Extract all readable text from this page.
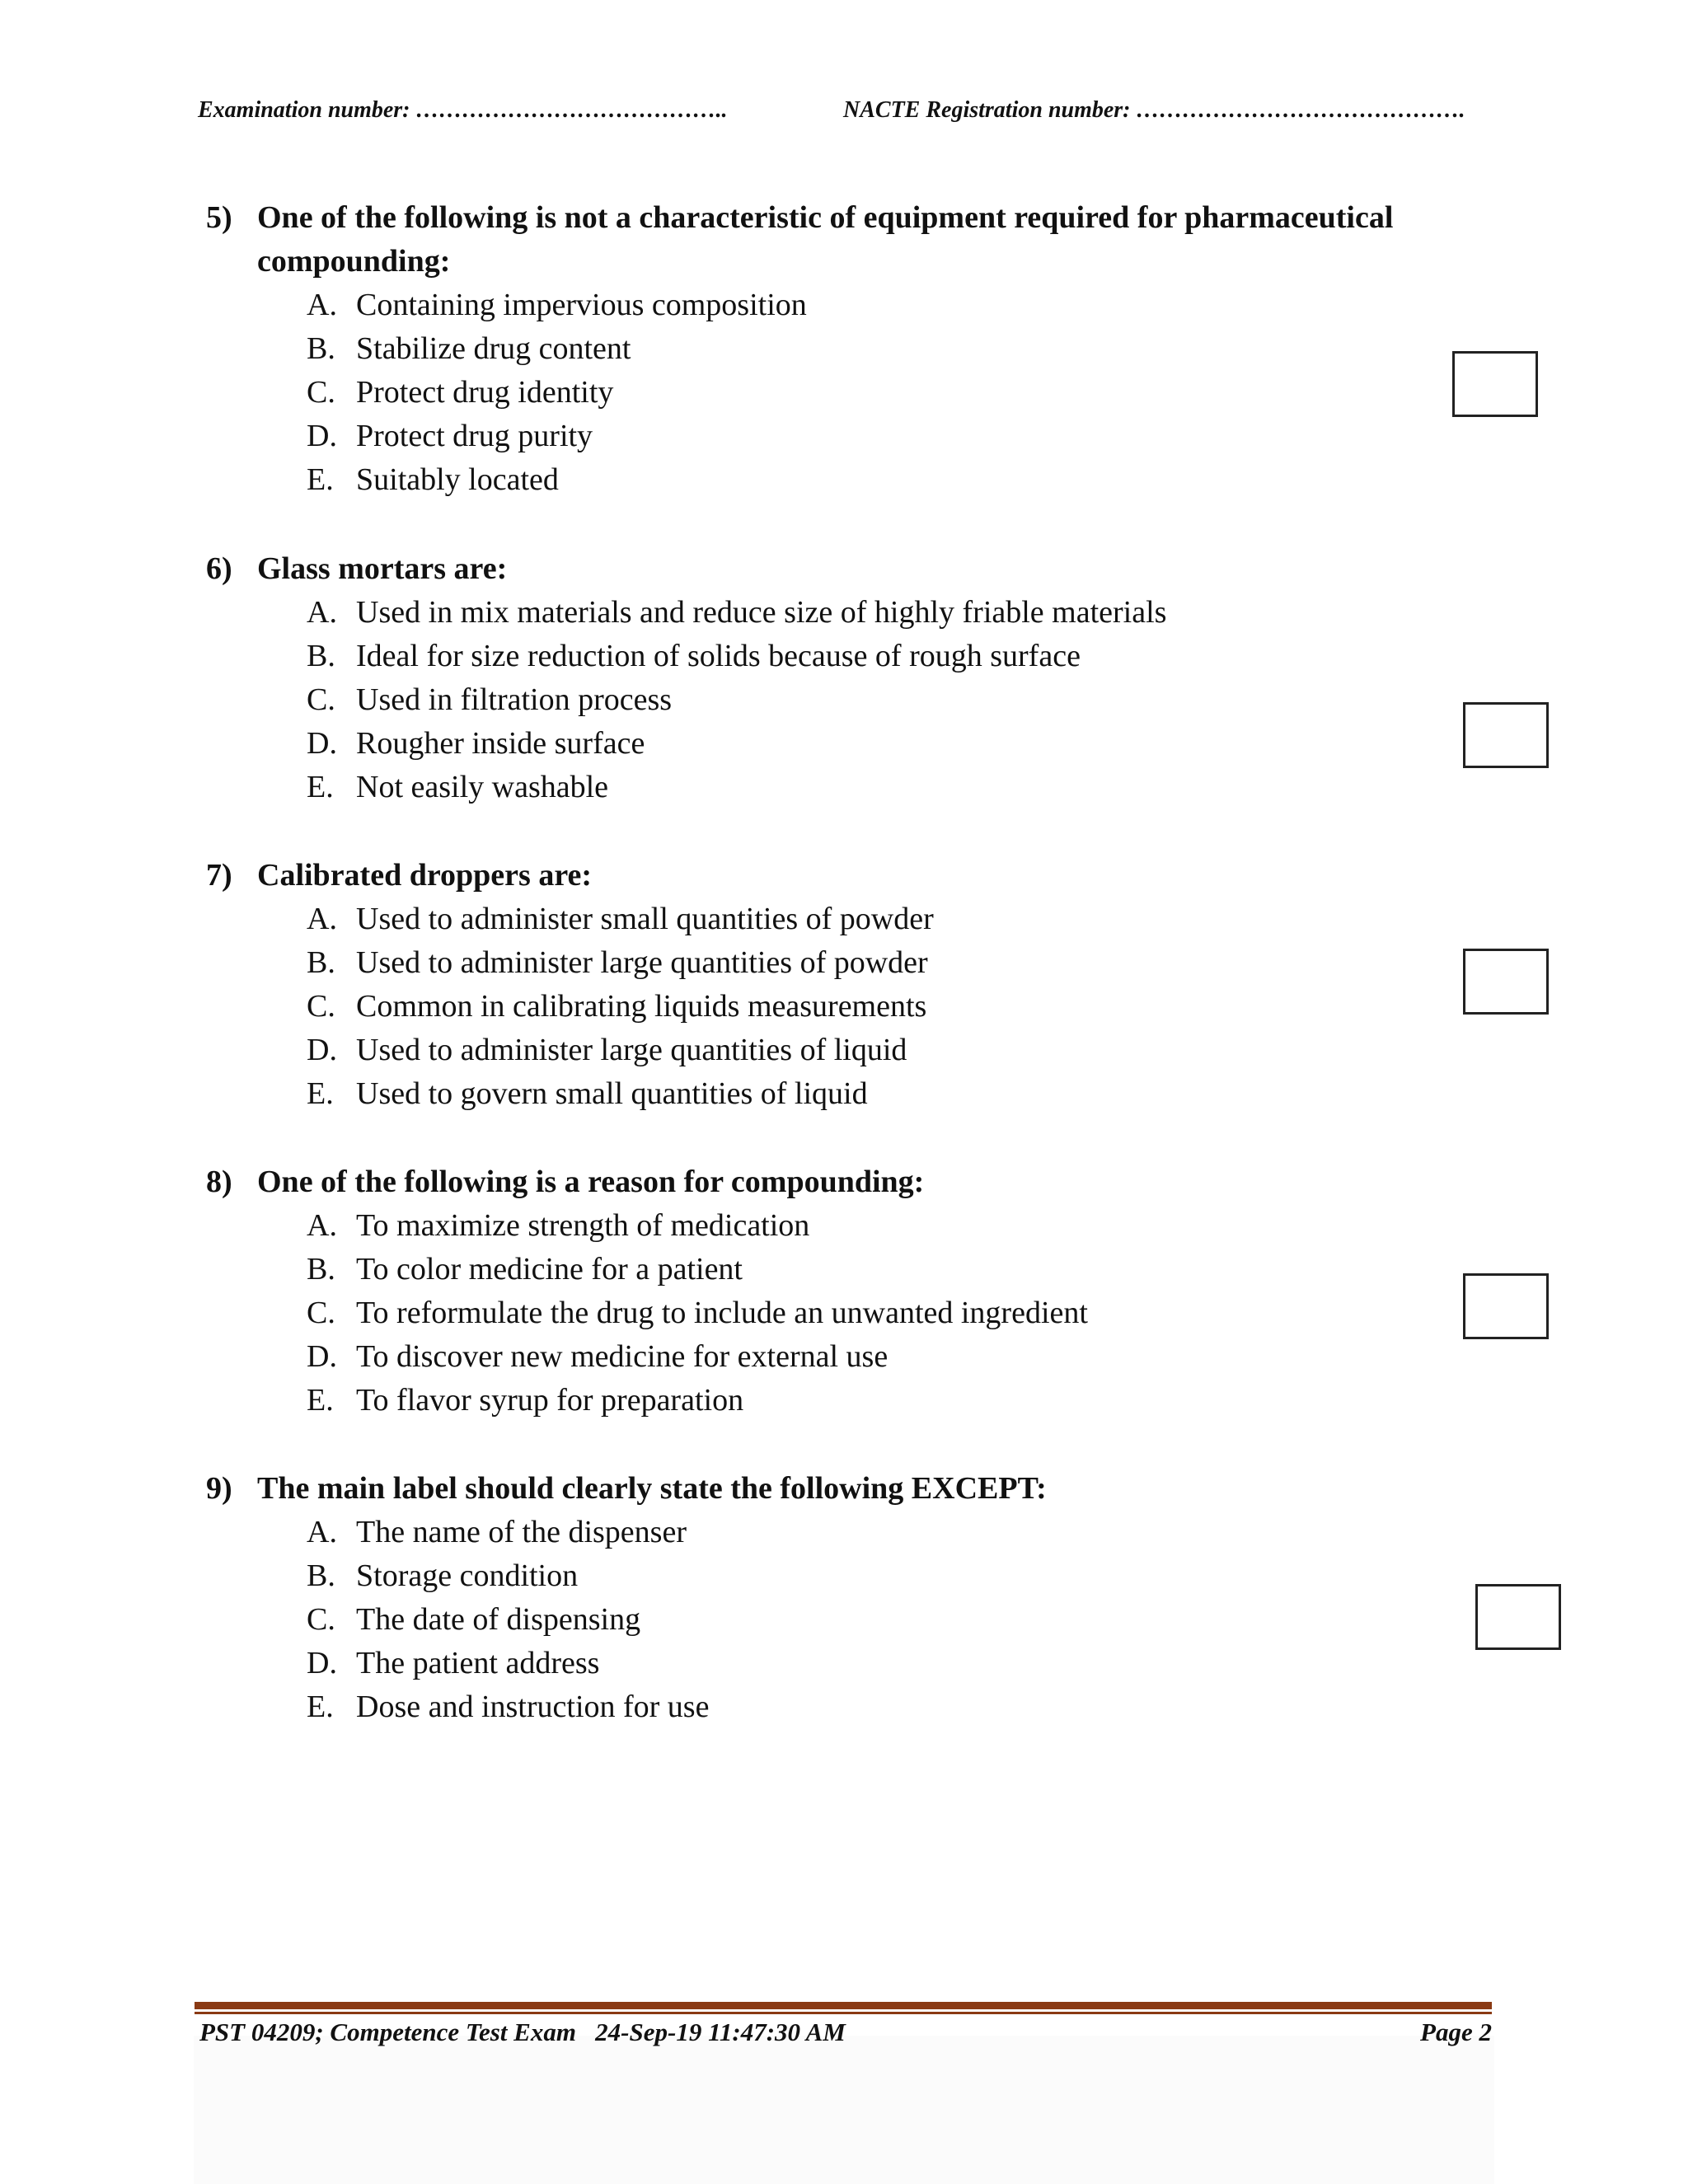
Examination number: …………………………………..	NACTE Registration number: …………………………………….
5) One of the following is not a characteristic of equipment required for pharmaceutical compounding:
A. Containing impervious composition
B. Stabilize drug content
C. Protect drug identity
D. Protect drug purity
E. Suitably located
6) Glass mortars are:
A. Used in mix materials and reduce size of highly friable materials
B. Ideal for size reduction of solids because of rough surface
C. Used in filtration process
D. Rougher inside surface
E. Not easily washable
7) Calibrated droppers are:
A. Used to administer small quantities of powder
B. Used to administer large quantities of powder
C. Common in calibrating liquids measurements
D. Used to administer large quantities of liquid
E. Used to govern small quantities of liquid
8) One of the following is a reason for compounding:
A. To maximize strength of medication
B. To color medicine for a patient
C. To reformulate the drug to include an unwanted ingredient
D. To discover new medicine for external use
E. To flavor syrup for preparation
9) The main label should clearly state the following EXCEPT:
A. The name of the dispenser
B. Storage condition
C. The date of dispensing
D. The patient address
E. Dose and instruction for use
PST 04209; Competence Test Exam   24-Sep-19 11:47:30 AM	Page 2
